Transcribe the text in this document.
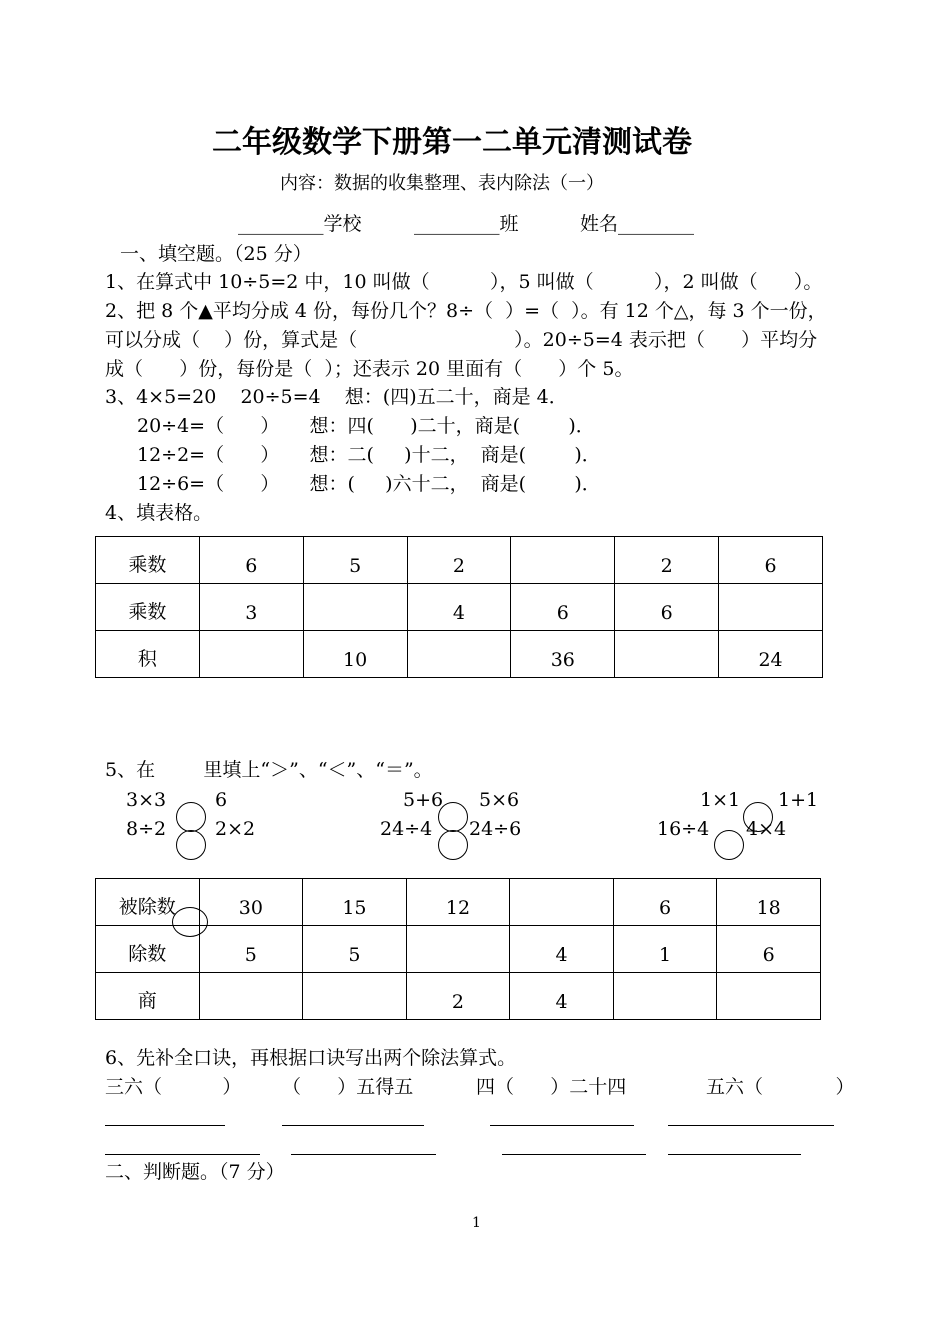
二年级数学下册第一二单元清测试卷
内容：数据的收集整理、表内除法（一）
_________学校	_________班	姓名________
一、填空题。（25 分）
1、在算式中 10÷5=2 中，10 叫做（          ），5 叫做（          ），2 叫做（      ）。
2、把 8 个▲平均分成 4 份，每份几个？8÷（  ）=（  ）。有 12 个△，每 3 个一份，
可以分成（    ）份，算式是（                          ）。20÷5=4 表示把（      ）平均分
成（      ）份，每份是（  ）；还表示 20 里面有（      ）个 5。
3、4×5=20    20÷5=4    想：(四)五二十，商是 4．
20÷4=（      ）     想：四(      )二十，商是(        )．
12÷2=（      ）     想：二(     )十二，  商是(        )．
12÷6=（      ）     想：(     )六十二，  商是(        )．
4、填表格。
乘数	6	5	2		2	6
乘数	3		4	6	6	
积		10		36		24
5、在        里填上“＞”、“＜”、“＝”。
3×3	6
8÷2	2×2
5+6 5×6
24÷4 24÷6
1×1 1+1
16÷4 4×4
被除数	30	15	12		6	18
除数	5	5		4	1	6
商			2	4		
6、先补全口诀，再根据口诀写出两个除法算式。
三六（          ） （      ）五得五	四（      ）二十四	五六（            ）
二、判断题。（7 分）
1
